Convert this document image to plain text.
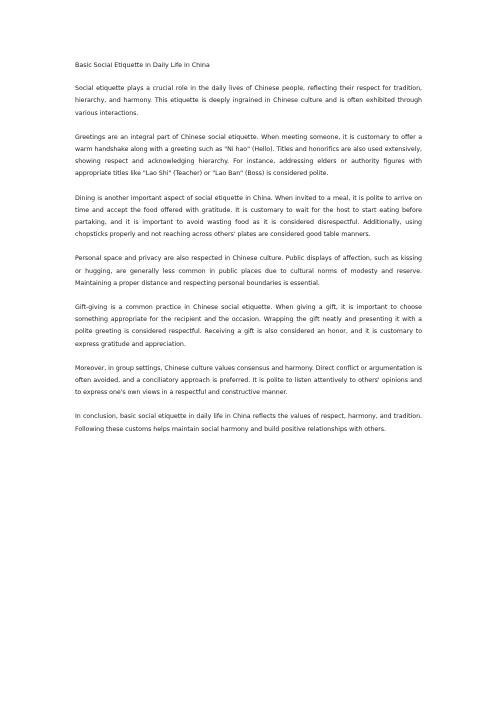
Basic Social Etiquette in Daily Life in China

Social etiquette plays a crucial role in the daily lives of Chinese people, reflecting their respect for tradition, hierarchy, and harmony. This etiquette is deeply ingrained in Chinese culture and is often exhibited through various interactions.

Greetings are an integral part of Chinese social etiquette. When meeting someone, it is customary to offer a warm handshake along with a greeting such as "Ni hao" (Hello). Titles and honorifics are also used extensively, showing respect and acknowledging hierarchy. For instance, addressing elders or authority figures with appropriate titles like "Lao Shi" (Teacher) or "Lao Ban" (Boss) is considered polite.

Dining is another important aspect of social etiquette in China. When invited to a meal, it is polite to arrive on time and accept the food offered with gratitude. It is customary to wait for the host to start eating before partaking, and it is important to avoid wasting food as it is considered disrespectful. Additionally, using chopsticks properly and not reaching across others' plates are considered good table manners.

Personal space and privacy are also respected in Chinese culture. Public displays of affection, such as kissing or hugging, are generally less common in public places due to cultural norms of modesty and reserve. Maintaining a proper distance and respecting personal boundaries is essential.

Gift-giving is a common practice in Chinese social etiquette. When giving a gift, it is important to choose something appropriate for the recipient and the occasion. Wrapping the gift neatly and presenting it with a polite greeting is considered respectful. Receiving a gift is also considered an honor, and it is customary to express gratitude and appreciation.

Moreover, in group settings, Chinese culture values consensus and harmony. Direct conflict or argumentation is often avoided, and a conciliatory approach is preferred. It is polite to listen attentively to others' opinions and to express one's own views in a respectful and constructive manner.

In conclusion, basic social etiquette in daily life in China reflects the values of respect, harmony, and tradition. Following these customs helps maintain social harmony and build positive relationships with others.
